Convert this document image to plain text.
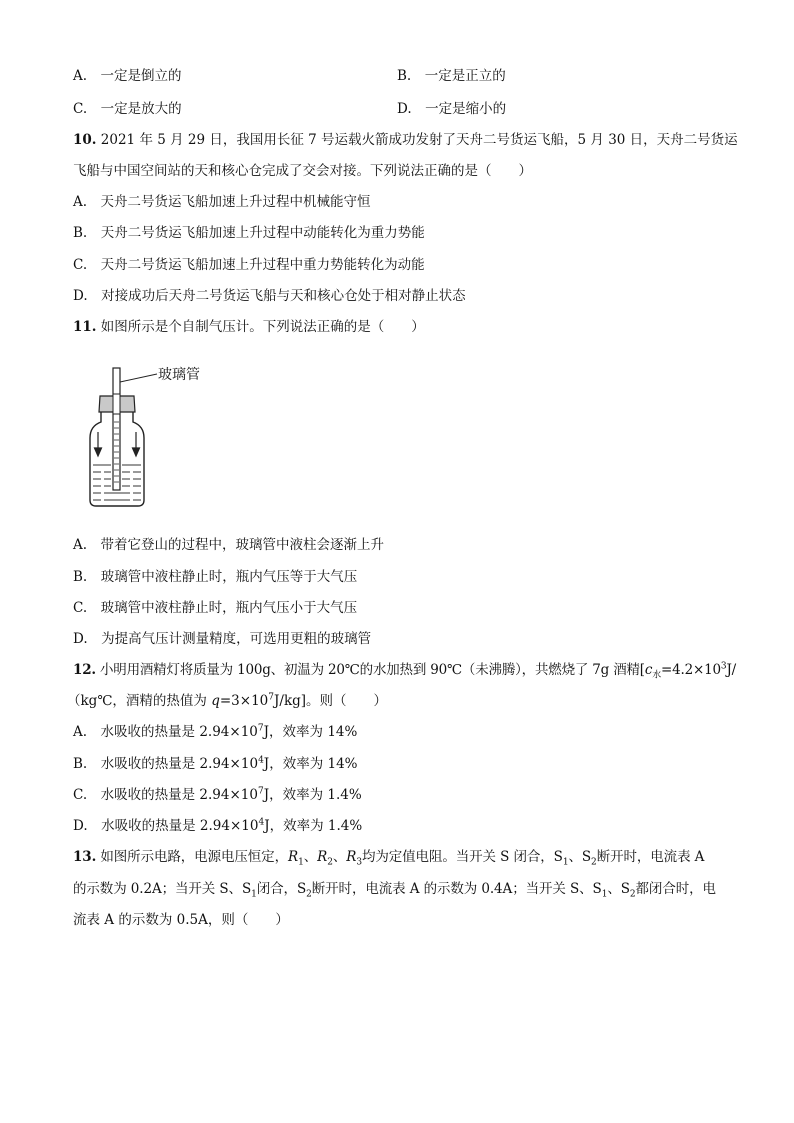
A.　一定是倒立的	B.　一定是正立的
C.　一定是放大的	D.　一定是缩小的
10. 2021 年 5 月 29 日，我国用长征 7 号运载火箭成功发射了天舟二号货运飞船，5 月 30 日，天舟二号货运
飞船与中国空间站的天和核心仓完成了交会对接。下列说法正确的是（　　）
A.　天舟二号货运飞船加速上升过程中机械能守恒
B.　天舟二号货运飞船加速上升过程中动能转化为重力势能
C.　天舟二号货运飞船加速上升过程中重力势能转化为动能
D.　对接成功后天舟二号货运飞船与天和核心仓处于相对静止状态
11. 如图所示是个自制气压计。下列说法正确的是（　　）
玻璃管
A.　带着它登山的过程中，玻璃管中液柱会逐渐上升
B.　玻璃管中液柱静止时，瓶内气压等于大气压
C.　玻璃管中液柱静止时，瓶内气压小于大气压
D.　为提高气压计测量精度，可选用更粗的玻璃管
12. 小明用酒精灯将质量为 100g、初温为 20℃的水加热到 90℃（未沸腾），共燃烧了 7g 酒精[$c_水=4.2\times 10^3J/$
（kg℃，酒精的热值为 $q=3\times 10^7J/kg$]。则（　　）
A.　水吸收的热量是 $2.94\times 10^7J$，效率为 14%
B.　水吸收的热量是 $2.94\times 10^4J$，效率为 14%
C.　水吸收的热量是 $2.94\times 10^7J$，效率为 1.4%
D.　水吸收的热量是 $2.94\times 10^4J$，效率为 1.4%
13. 如图所示电路，电源电压恒定，$R_1$、$R_2$、$R_3$均为定值电阻。当开关 S 闭合，$S_1$、$S_2$断开时，电流表 A
的示数为 0.2A；当开关 S、$S_1$闭合，$S_2$断开时，电流表 A 的示数为 0.4A；当开关 S、$S_1$、$S_2$都闭合时，电
流表 A 的示数为 0.5A，则（　　）
